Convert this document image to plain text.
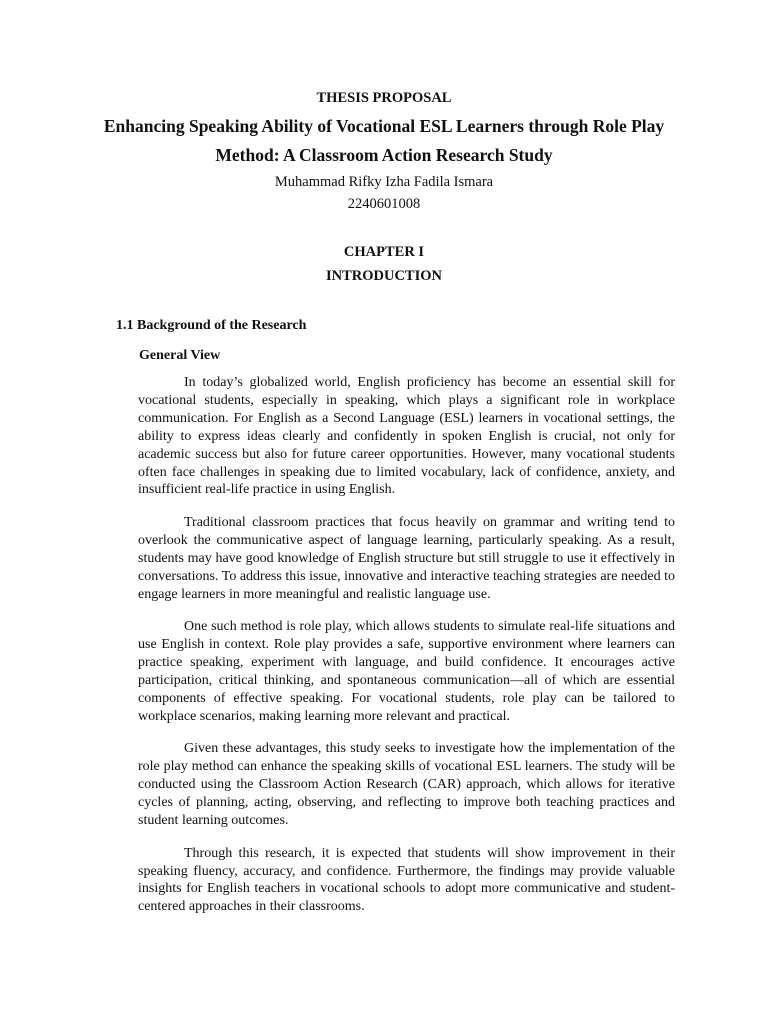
THESIS PROPOSAL
Enhancing Speaking Ability of Vocational ESL Learners through Role Play
Method: A Classroom Action Research Study
Muhammad Rifky Izha Fadila Ismara
2240601008
CHAPTER I
INTRODUCTION
1.1 Background of the Research
General View

In today’s globalized world, English proficiency has become an essential skill for vocational students, especially in speaking, which plays a significant role in workplace communication. For English as a Second Language (ESL) learners in vocational settings, the ability to express ideas clearly and confidently in spoken English is crucial, not only for academic success but also for future career opportunities. However, many vocational students often face challenges in speaking due to limited vocabulary, lack of confidence, anxiety, and insufficient real-life practice in using English.

Traditional classroom practices that focus heavily on grammar and writing tend to overlook the communicative aspect of language learning, particularly speaking. As a result, students may have good knowledge of English structure but still struggle to use it effectively in conversations. To address this issue, innovative and interactive teaching strategies are needed to engage learners in more meaningful and realistic language use.

One such method is role play, which allows students to simulate real-life situations and use English in context. Role play provides a safe, supportive environment where learners can practice speaking, experiment with language, and build confidence. It encourages active participation, critical thinking, and spontaneous communication—all of which are essential components of effective speaking. For vocational students, role play can be tailored to workplace scenarios, making learning more relevant and practical.

Given these advantages, this study seeks to investigate how the implementation of the role play method can enhance the speaking skills of vocational ESL learners. The study will be conducted using the Classroom Action Research (CAR) approach, which allows for iterative cycles of planning, acting, observing, and reflecting to improve both teaching practices and student learning outcomes.

Through this research, it is expected that students will show improvement in their speaking fluency, accuracy, and confidence. Furthermore, the findings may provide valuable insights for English teachers in vocational schools to adopt more communicative and student-centered approaches in their classrooms.
